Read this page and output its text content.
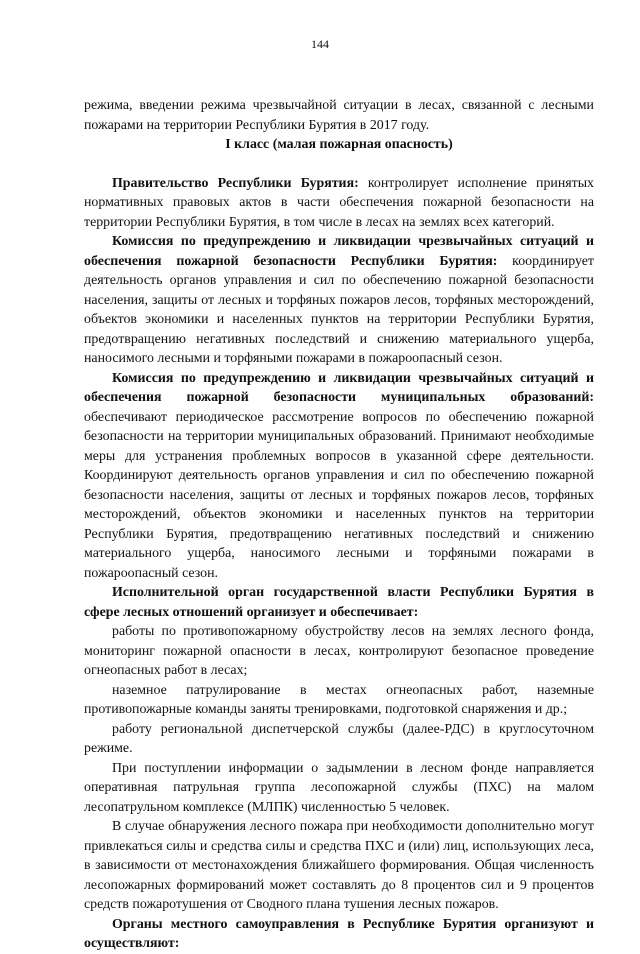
144

режима, введении режима чрезвычайной ситуации в лесах, связанной с лесными пожарами на территории Республики Бурятия в 2017 году.

I класс (малая пожарная опасность)

Правительство Республики Бурятия: контролирует исполнение принятых нормативных правовых актов в части обеспечения пожарной безопасности на территории Республики Бурятия, в том числе в лесах на землях всех категорий.

Комиссия по предупреждению и ликвидации чрезвычайных ситуаций и обеспечения пожарной безопасности Республики Бурятия: координирует деятельность органов управления и сил по обеспечению пожарной безопасности населения, защиты от лесных и торфяных пожаров лесов, торфяных месторождений, объектов экономики и населенных пунктов на территории Республики Бурятия, предотвращению негативных последствий и снижению материального ущерба, наносимого лесными и торфяными пожарами в пожароопасный сезон.

Комиссия по предупреждению и ликвидации чрезвычайных ситуаций и обеспечения пожарной безопасности муниципальных образований: обеспечивают периодическое рассмотрение вопросов по обеспечению пожарной безопасности на территории муниципальных образований. Принимают необходимые меры для устранения проблемных вопросов в указанной сфере деятельности. Координируют деятельность органов управления и сил по обеспечению пожарной безопасности населения, защиты от лесных и торфяных пожаров лесов, торфяных месторождений, объектов экономики и населенных пунктов на территории Республики Бурятия, предотвращению негативных последствий и снижению материального ущерба, наносимого лесными и торфяными пожарами в пожароопасный сезон.

Исполнительной орган государственной власти Республики Бурятия в сфере лесных отношений организует и обеспечивает:

работы по противопожарному обустройству лесов на землях лесного фонда, мониторинг пожарной опасности в лесах, контролируют безопасное проведение огнеопасных работ в лесах;

наземное патрулирование в местах огнеопасных работ, наземные противопожарные команды заняты тренировками, подготовкой снаряжения и др.;

работу региональной диспетчерской службы (далее-РДС) в круглосуточном режиме.

При поступлении информации о задымлении в лесном фонде направляется оперативная патрульная группа лесопожарной службы (ПХС) на малом лесопатрульном комплексе (МЛПК) численностью 5 человек.

В случае обнаружения лесного пожара при необходимости дополнительно могут привлекаться силы и средства силы и средства ПХС и (или) лиц, использующих леса, в зависимости от местонахождения ближайшего формирования. Общая численность лесопожарных формирований может составлять до 8 процентов сил и 9 процентов средств пожаротушения от Сводного плана тушения лесных пожаров.

Органы местного самоуправления в Республике Бурятия организуют и осуществляют:
